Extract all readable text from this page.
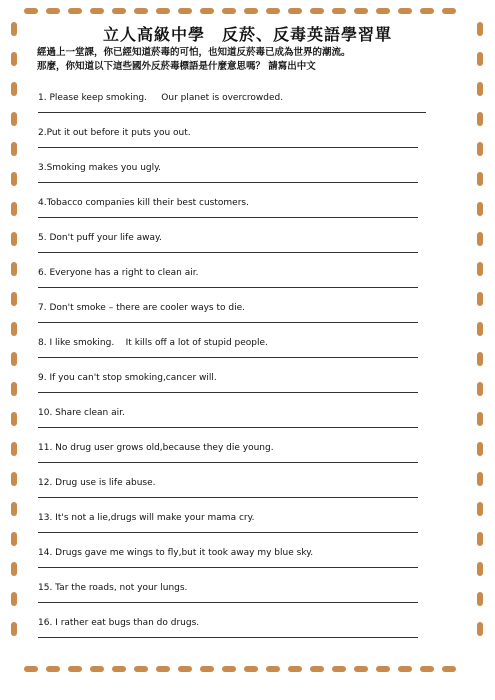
立人高級中學　反菸、反毒英語學習單
經過上一堂課，你已經知道菸毒的可怕，也知道反菸毒已成為世界的潮流。
那麼，你知道以下這些國外反菸毒標語是什麼意思嗎？ 請寫出中文
1. Please keep smoking.     Our planet is overcrowded.
2.Put it out before it puts you out.
3.Smoking makes you ugly.
4.Tobacco companies kill their best customers.
5. Don't puff your life away.
6. Everyone has a right to clean air.
7. Don't smoke – there are cooler ways to die.
8. I like smoking.    It kills off a lot of stupid people.
9. If you can't stop smoking,cancer will.
10. Share clean air.
11. No drug user grows old,because they die young.
12. Drug use is life abuse.
13. It's not a lie,drugs will make your mama cry.
14. Drugs gave me wings to fly,but it took away my blue sky.
15. Tar the roads, not your lungs.
16. I rather eat bugs than do drugs.
